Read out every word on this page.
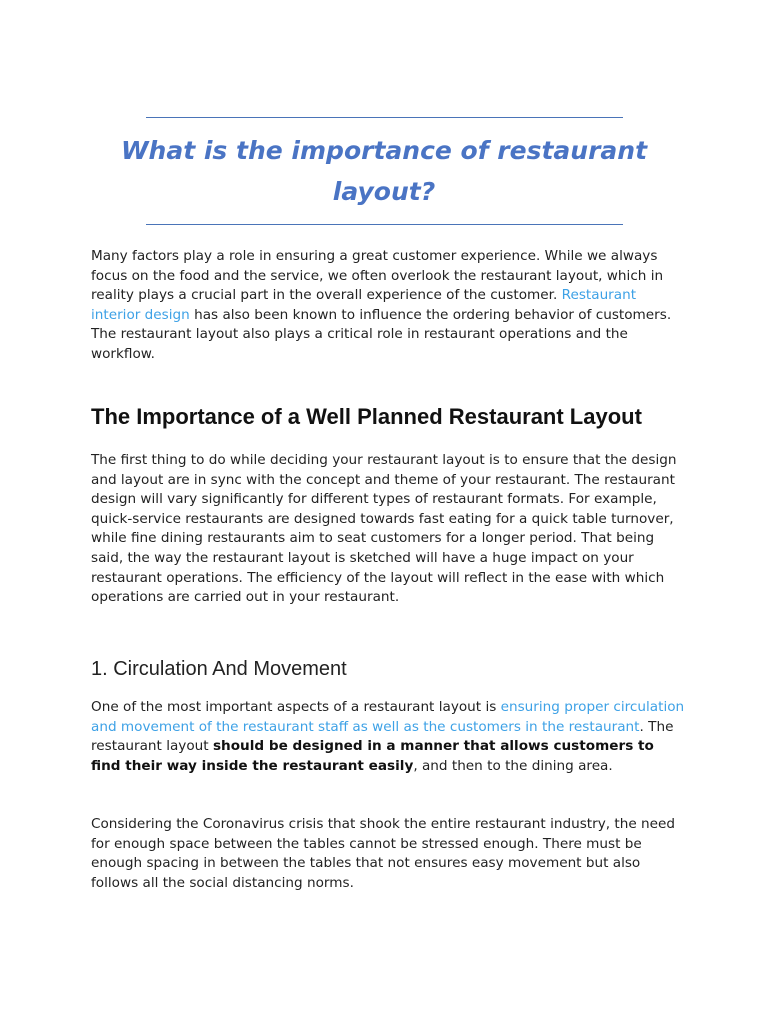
What is the importance of restaurant layout?

Many factors play a role in ensuring a great customer experience. While we always focus on the food and the service, we often overlook the restaurant layout, which in reality plays a crucial part in the overall experience of the customer. Restaurant interior design has also been known to influence the ordering behavior of customers. The restaurant layout also plays a critical role in restaurant operations and the workflow.

The Importance of a Well Planned Restaurant Layout

The first thing to do while deciding your restaurant layout is to ensure that the design and layout are in sync with the concept and theme of your restaurant. The restaurant design will vary significantly for different types of restaurant formats. For example, quick-service restaurants are designed towards fast eating for a quick table turnover, while fine dining restaurants aim to seat customers for a longer period. That being said, the way the restaurant layout is sketched will have a huge impact on your restaurant operations. The efficiency of the layout will reflect in the ease with which operations are carried out in your restaurant.

1. Circulation And Movement

One of the most important aspects of a restaurant layout is ensuring proper circulation and movement of the restaurant staff as well as the customers in the restaurant. The restaurant layout should be designed in a manner that allows customers to find their way inside the restaurant easily, and then to the dining area.

Considering the Coronavirus crisis that shook the entire restaurant industry, the need for enough space between the tables cannot be stressed enough. There must be enough spacing in between the tables that not ensures easy movement but also follows all the social distancing norms.
